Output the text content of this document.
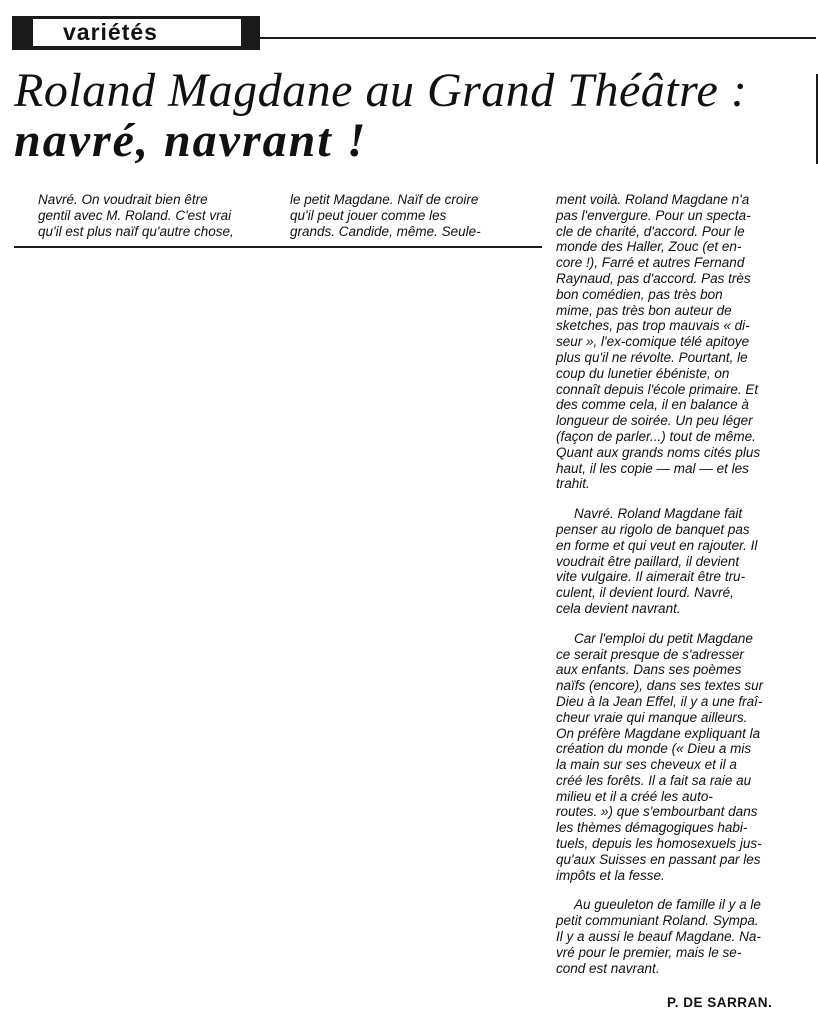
variétés
Roland Magdane au Grand Théâtre :
navré, navrant !

Navré. On voudrait bien être
gentil avec M. Roland. C'est vrai
qu'il est plus naïf qu'autre chose,

le petit Magdane. Naïf de croire
qu'il peut jouer comme les
grands. Candide, même. Seule-

ment voilà. Roland Magdane n'a
pas l'envergure. Pour un specta-
cle de charité, d'accord. Pour le
monde des Haller, Zouc (et en-
core !), Farré et autres Fernand
Raynaud, pas d'accord. Pas très
bon comédien, pas très bon
mime, pas très bon auteur de
sketches, pas trop mauvais « di-
seur », l'ex-comique télé apitoye
plus qu'il ne révolte. Pourtant, le
coup du lunetier ébéniste, on
connaît depuis l'école primaire. Et
des comme cela, il en balance à
longueur de soirée. Un peu léger
(façon de parler...) tout de même.
Quant aux grands noms cités plus
haut, il les copie — mal — et les
trahit.

Navré. Roland Magdane fait
penser au rigolo de banquet pas
en forme et qui veut en rajouter. Il
voudrait être paillard, il devient
vite vulgaire. Il aimerait être tru-
culent, il devient lourd. Navré,
cela devient navrant.

Car l'emploi du petit Magdane
ce serait presque de s'adresser
aux enfants. Dans ses poèmes
naïfs (encore), dans ses textes sur
Dieu à la Jean Effel, il y a une fraî-
cheur vraie qui manque ailleurs.
On préfère Magdane expliquant la
création du monde (« Dieu a mis
la main sur ses cheveux et il a
créé les forêts. Il a fait sa raie au
milieu et il a créé les auto-
routes. ») que s'embourbant dans
les thèmes démagogiques habi-
tuels, depuis les homosexuels jus-
qu'aux Suisses en passant par les
impôts et la fesse.

Au gueuleton de famille il y a le
petit communiant Roland. Sympa.
Il y a aussi le beauf Magdane. Na-
vré pour le premier, mais le se-
cond est navrant.

P. DE SARRAN.
